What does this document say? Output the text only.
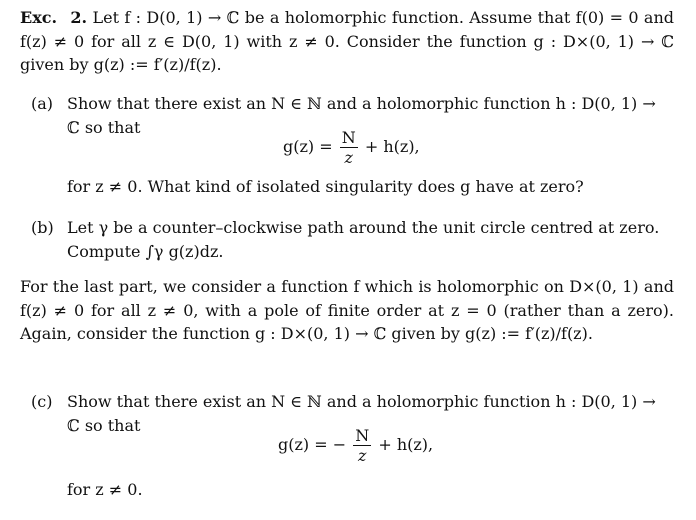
Exc. 2. Let f : D(0, 1) → ℂ be a holomorphic function. Assume that f(0) = 0 and f(z) ≠ 0 for all z ∈ D(0, 1) with z ≠ 0. Consider the function g : D×(0, 1) → ℂ given by g(z) := f′(z)/f(z).
(a) Show that there exist an N ∈ ℕ and a holomorphic function h : D(0, 1) → ℂ so that
$g(z) = \frac{N}{z} + h(z)$,
for z ≠ 0. What kind of isolated singularity does g have at zero?
(b) Let γ be a counter–clockwise path around the unit circle centred at zero. Compute ∫γ g(z)dz.
For the last part, we consider a function f which is holomorphic on D×(0, 1) and f(z) ≠ 0 for all z ≠ 0, with a pole of finite order at z = 0 (rather than a zero). Again, consider the function g : D×(0, 1) → ℂ given by g(z) := f′(z)/f(z).
(c) Show that there exist an N ∈ ℕ and a holomorphic function h : D(0, 1) → ℂ so that
g(z) = − $\frac{N}{z} + h(z)$,
for z ≠ 0.
